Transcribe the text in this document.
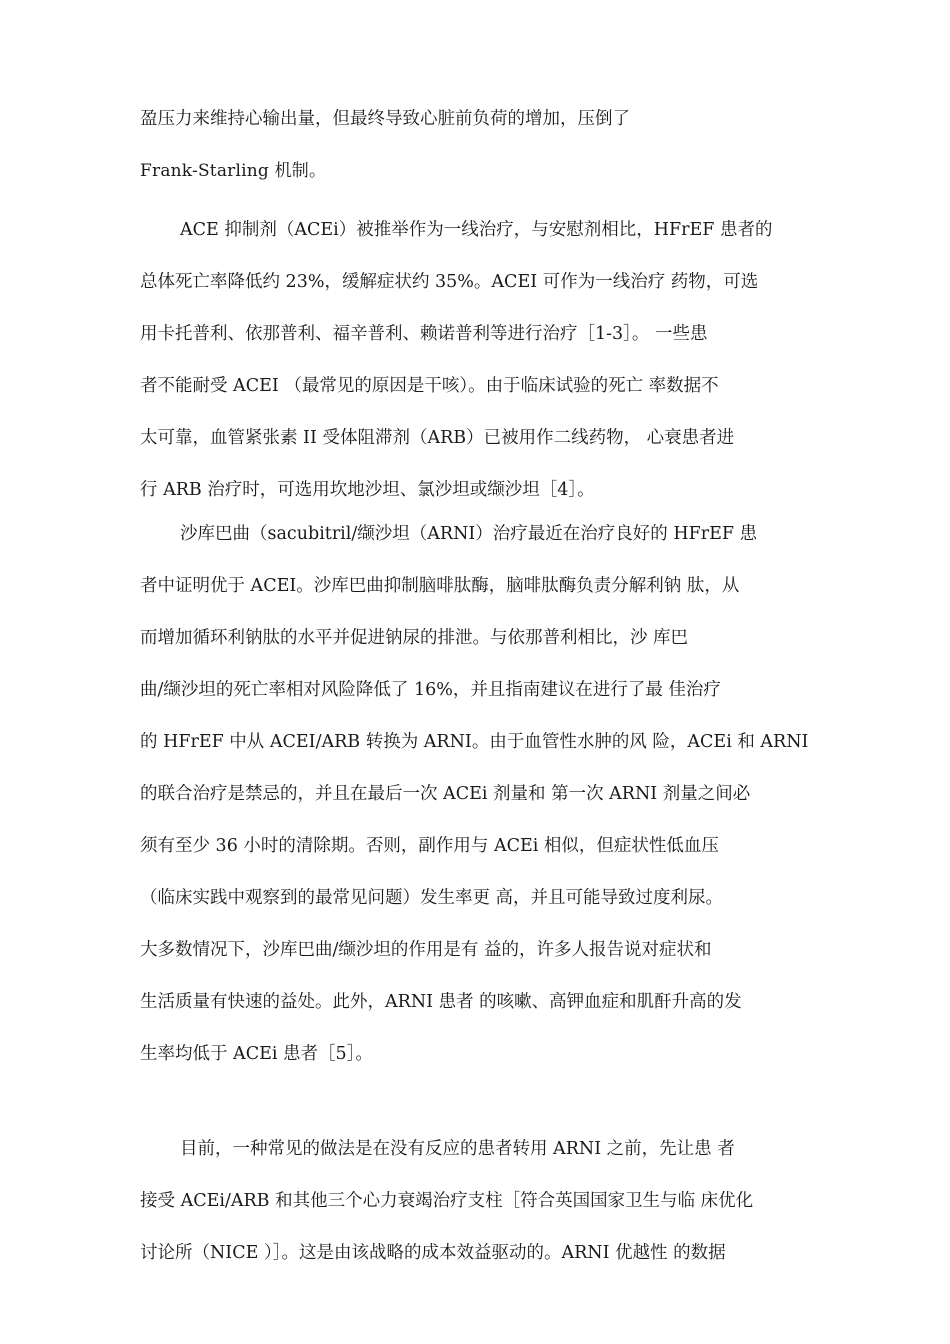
盈压力来维持心输出量，但最终导致心脏前负荷的增加，压倒了
Frank-Starling 机制。
ACE 抑制剂（ACEi）被推举作为一线治疗，与安慰剂相比，HFrEF 患者的
总体死亡率降低约 23%，缓解症状约 35%。ACEI 可作为一线治疗 药物，可选
用卡托普利、依那普利、福辛普利、赖诺普利等进行治疗［1-3］。 一些患
者不能耐受 ACEI （最常见的原因是干咳）。由于临床试验的死亡 率数据不
太可靠，血管紧张素 II 受体阻滞剂（ARB）已被用作二线药物， 心衰患者进
行 ARB 治疗时，可选用坎地沙坦、氯沙坦或缬沙坦［4］。
沙库巴曲（sacubitril/缬沙坦（ARNI）治疗最近在治疗良好的 HFrEF 患
者中证明优于 ACEI。沙库巴曲抑制脑啡肽酶，脑啡肽酶负责分解利钠 肽，从
而增加循环利钠肽的水平并促进钠尿的排泄。与依那普利相比，沙 库巴
曲/缬沙坦的死亡率相对风险降低了 16%，并且指南建议在进行了最 佳治疗
的 HFrEF 中从 ACEI/ARB 转换为 ARNI。由于血管性水肿的风 险，ACEi 和 ARNI
的联合治疗是禁忌的，并且在最后一次 ACEi 剂量和 第一次 ARNI 剂量之间必
须有至少 36 小时的清除期。否则，副作用与 ACEi 相似，但症状性低血压
（临床实践中观察到的最常见问题）发生率更 高，并且可能导致过度利尿。
大多数情况下，沙库巴曲/缬沙坦的作用是有 益的，许多人报告说对症状和
生活质量有快速的益处。此外，ARNI 患者 的咳嗽、高钾血症和肌酐升高的发
生率均低于 ACEi 患者［5］。
目前，一种常见的做法是在没有反应的患者转用 ARNI 之前，先让患 者
接受 ACEi/ARB 和其他三个心力衰竭治疗支柱［符合英国国家卫生与临 床优化
讨论所（NICE ）］。这是由该战略的成本效益驱动的。ARNI 优越性 的数据
